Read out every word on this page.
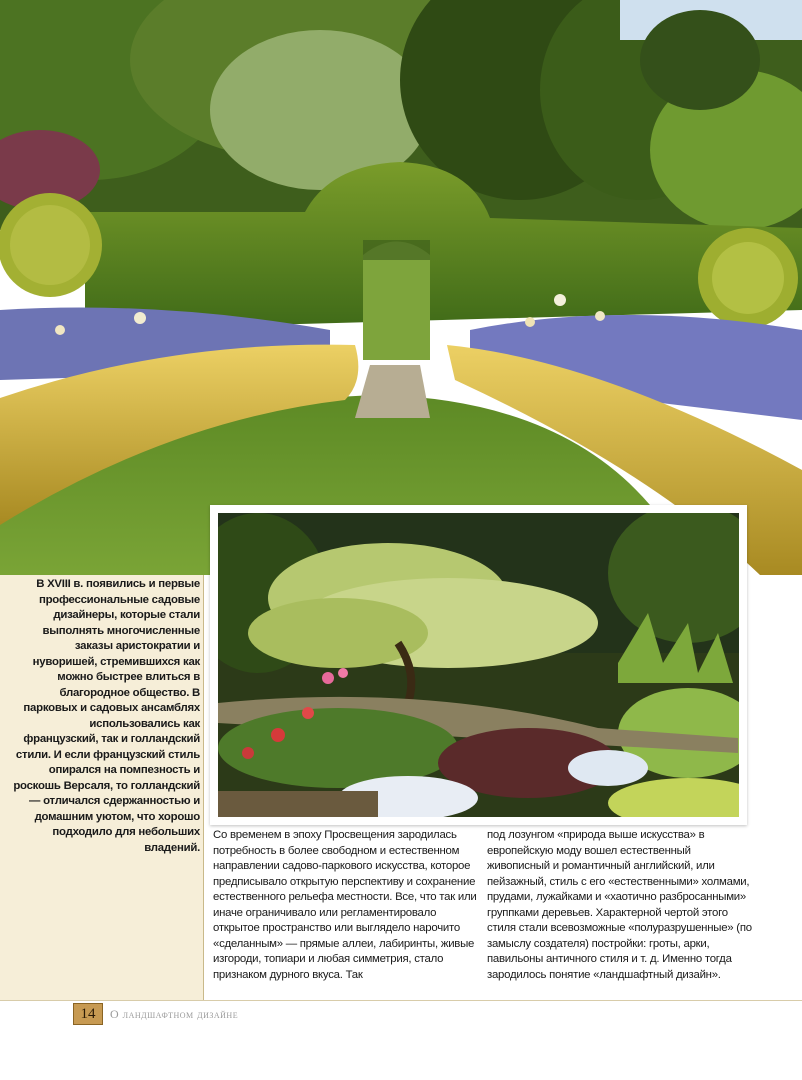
В XVIII в. появились и первые профессиональные садовые дизайнеры, которые стали выполнять многочисленные заказы аристократии и нуворишей, стремившихся как можно быстрее влиться в благородное общество. В парковых и садовых ансамблях использовались как французский, так и голландский стили. И если французский стиль опирался на помпезность и роскошь Версаля, то голландский — отличался сдержанностью и домашним уютом, что хорошо подходило для небольших владений.
Со временем в эпоху Просвещения зародилась потребность в более свободном и естественном направлении садово-паркового искусства, которое предписывало открытую перспективу и сохранение естественного рельефа местности. Все, что так или иначе ограничивало или регламентировало открытое пространство или выглядело нарочито «сделанным» — прямые аллеи, лабиринты, живые изгороди, топиари и любая симметрия, стало признаком дурного вкуса. Так
под лозунгом «природа выше искусства» в европейскую моду вошел естественный живописный и романтичный английский, или пейзажный, стиль с его «естественными» холмами, прудами, лужайками и «хаотично разбросанными» группками деревьев. Характерной чертой этого стиля стали всевозможные «полуразрушенные» (по замыслу создателя) постройки: гроты, арки, павильоны античного стиля и т. д. Именно тогда зародилось понятие «ландшафтный дизайн».
14	О ландшафтном дизайне
